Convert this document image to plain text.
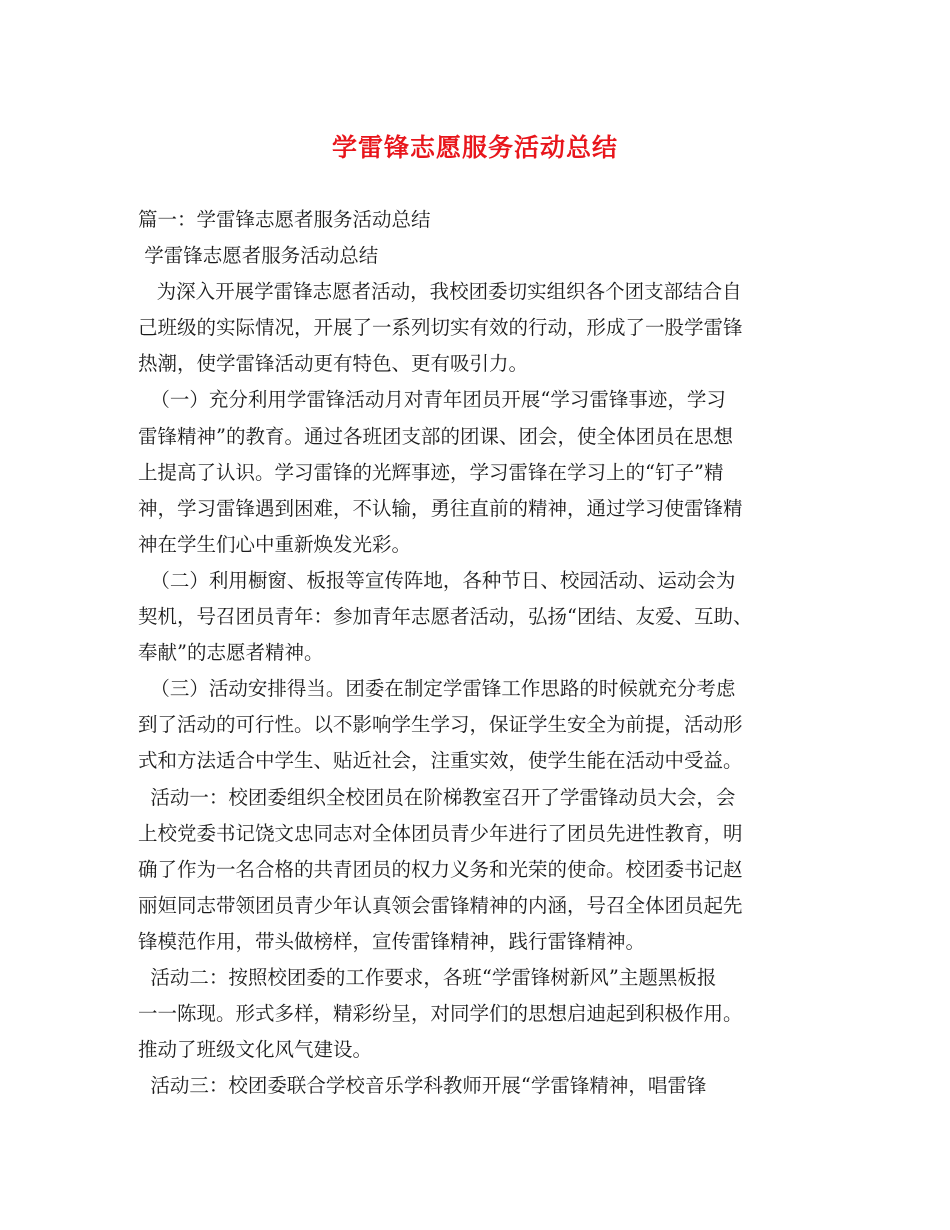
学雷锋志愿服务活动总结
篇一：学雷锋志愿者服务活动总结
学雷锋志愿者服务活动总结
为深入开展学雷锋志愿者活动，我校团委切实组织各个团支部结合自
己班级的实际情况，开展了一系列切实有效的行动，形成了一股学雷锋
热潮，使学雷锋活动更有特色、更有吸引力。
（一）充分利用学雷锋活动月对青年团员开展“学习雷锋事迹，学习
雷锋精神”的教育。通过各班团支部的团课、团会，使全体团员在思想
上提高了认识。学习雷锋的光辉事迹，学习雷锋在学习上的“钉子”精
神，学习雷锋遇到困难，不认输，勇往直前的精神，通过学习使雷锋精
神在学生们心中重新焕发光彩。
（二）利用橱窗、板报等宣传阵地，各种节日、校园活动、运动会为
契机，号召团员青年：参加青年志愿者活动，弘扬“团结、友爱、互助、
奉献”的志愿者精神。
（三）活动安排得当。团委在制定学雷锋工作思路的时候就充分考虑
到了活动的可行性。以不影响学生学习，保证学生安全为前提，活动形
式和方法适合中学生、贴近社会，注重实效，使学生能在活动中受益。
活动一：校团委组织全校团员在阶梯教室召开了学雷锋动员大会，会
上校党委书记饶文忠同志对全体团员青少年进行了团员先进性教育，明
确了作为一名合格的共青团员的权力义务和光荣的使命。校团委书记赵
丽姮同志带领团员青少年认真领会雷锋精神的内涵，号召全体团员起先
锋模范作用，带头做榜样，宣传雷锋精神，践行雷锋精神。
活动二：按照校团委的工作要求，各班“学雷锋树新风”主题黑板报
一一陈现。形式多样，精彩纷呈，对同学们的思想启迪起到积极作用。
推动了班级文化风气建设。
活动三：校团委联合学校音乐学科教师开展“学雷锋精神，唱雷锋
